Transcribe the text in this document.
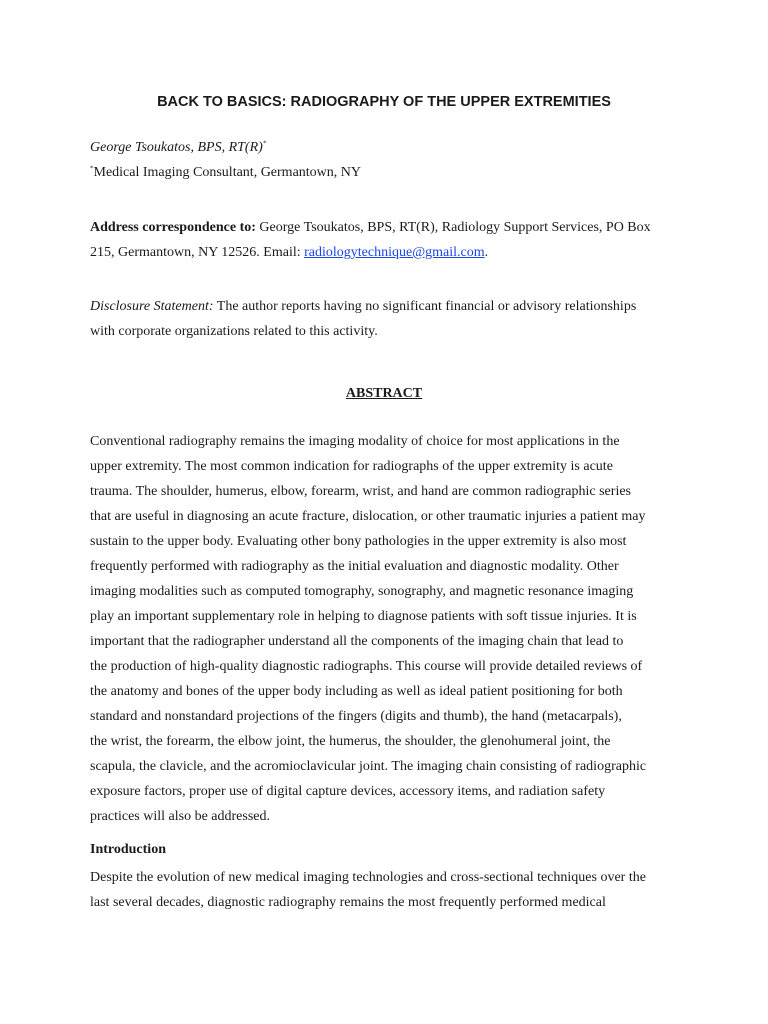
BACK TO BASICS: RADIOGRAPHY OF THE UPPER EXTREMITIES
George Tsoukatos, BPS, RT(R)*
*Medical Imaging Consultant, Germantown, NY
Address correspondence to: George Tsoukatos, BPS, RT(R), Radiology Support Services, PO Box
215, Germantown, NY 12526. Email: radiologytechnique@gmail.com.
Disclosure Statement: The author reports having no significant financial or advisory relationships
with corporate organizations related to this activity.
ABSTRACT
Conventional radiography remains the imaging modality of choice for most applications in the
upper extremity. The most common indication for radiographs of the upper extremity is acute
trauma. The shoulder, humerus, elbow, forearm, wrist, and hand are common radiographic series
that are useful in diagnosing an acute fracture, dislocation, or other traumatic injuries a patient may
sustain to the upper body. Evaluating other bony pathologies in the upper extremity is also most
frequently performed with radiography as the initial evaluation and diagnostic modality. Other
imaging modalities such as computed tomography, sonography, and magnetic resonance imaging
play an important supplementary role in helping to diagnose patients with soft tissue injuries. It is
important that the radiographer understand all the components of the imaging chain that lead to
the production of high-quality diagnostic radiographs. This course will provide detailed reviews of
the anatomy and bones of the upper body including as well as ideal patient positioning for both
standard and nonstandard projections of the fingers (digits and thumb), the hand (metacarpals),
the wrist, the forearm, the elbow joint, the humerus, the shoulder, the glenohumeral joint, the
scapula, the clavicle, and the acromioclavicular joint. The imaging chain consisting of radiographic
exposure factors, proper use of digital capture devices, accessory items, and radiation safety
practices will also be addressed.
Introduction
Despite the evolution of new medical imaging technologies and cross-sectional techniques over the
last several decades, diagnostic radiography remains the most frequently performed medical
